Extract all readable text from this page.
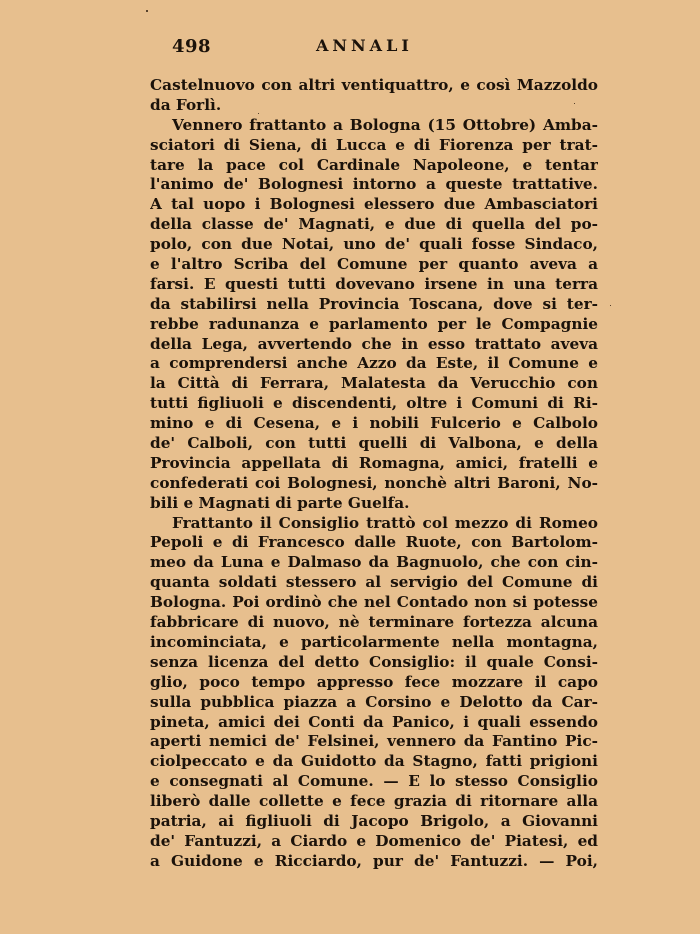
498	ANNALI
Castelnuovo con altri ventiquattro, e così Mazzoldo
da Forlì.
Vennero frattanto a Bologna (15 Ottobre) Amba-
sciatori di Siena, di Lucca e di Fiorenza per trat-
tare la pace col Cardinale Napoleone, e tentar
l'animo de' Bolognesi intorno a queste trattative.
A tal uopo i Bolognesi elessero due Ambasciatori
della classe de' Magnati, e due di quella del po-
polo, con due Notai, uno de' quali fosse Sindaco,
e l'altro Scriba del Comune per quanto aveva a
farsi. E questi tutti dovevano irsene in una terra
da stabilirsi nella Provincia Toscana, dove si ter-
rebbe radunanza e parlamento per le Compagnie
della Lega, avvertendo che in esso trattato aveva
a comprendersi anche Azzo da Este, il Comune e
la Città di Ferrara, Malatesta da Verucchio con
tutti figliuoli e discendenti, oltre i Comuni di Ri-
mino e di Cesena, e i nobili Fulcerio e Calbolo
de' Calboli, con tutti quelli di Valbona, e della
Provincia appellata di Romagna, amici, fratelli e
confederati coi Bolognesi, nonchè altri Baroni, No-
bili e Magnati di parte Guelfa.
Frattanto il Consiglio trattò col mezzo di Romeo
Pepoli e di Francesco dalle Ruote, con Bartolom-
meo da Luna e Dalmaso da Bagnuolo, che con cin-
quanta soldati stessero al servigio del Comune di
Bologna. Poi ordinò che nel Contado non si potesse
fabbricare di nuovo, nè terminare fortezza alcuna
incominciata, e particolarmente nella montagna,
senza licenza del detto Consiglio: il quale Consi-
glio, poco tempo appresso fece mozzare il capo
sulla pubblica piazza a Corsino e Delotto da Car-
pineta, amici dei Conti da Panico, i quali essendo
aperti nemici de' Felsinei, vennero da Fantino Pic-
ciolpeccato e da Guidotto da Stagno, fatti prigioni
e consegnati al Comune. — E lo stesso Consiglio
liberò dalle collette e fece grazia di ritornare alla
patria, ai figliuoli di Jacopo Brigolo, a Giovanni
de' Fantuzzi, a Ciardo e Domenico de' Piatesi, ed
a Guidone e Ricciardo, pur de' Fantuzzi. — Poi,
